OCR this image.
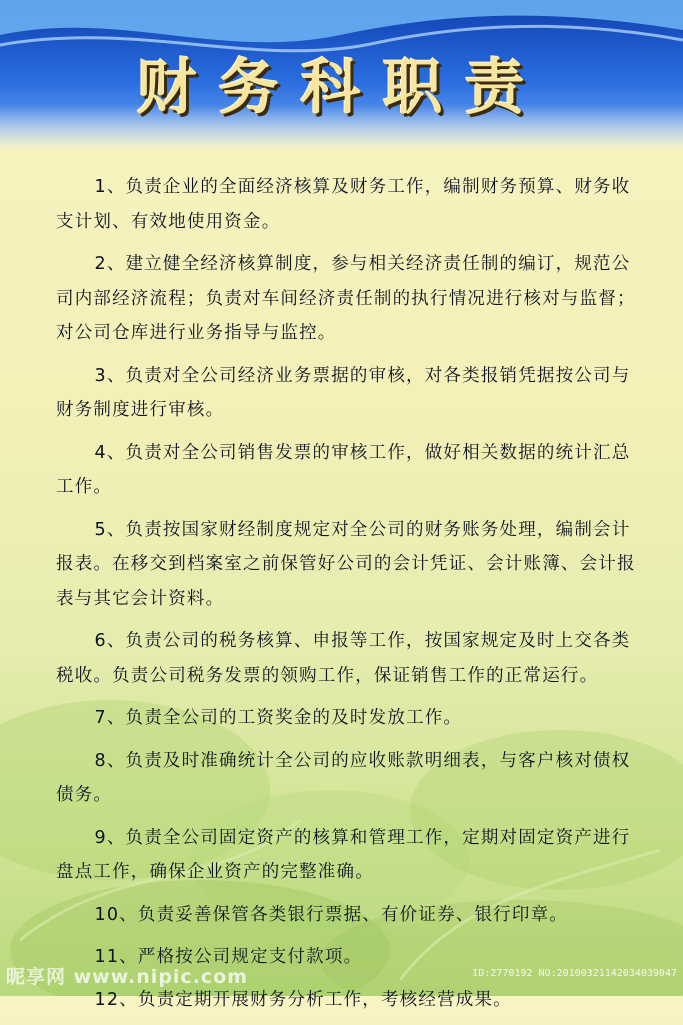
财务科职责

1、负责企业的全面经济核算及财务工作，编制财务预算、财务收支计划、有效地使用资金。

2、建立健全经济核算制度，参与相关经济责任制的编订，规范公司内部经济流程；负责对车间经济责任制的执行情况进行核对与监督；对公司仓库进行业务指导与监控。

3、负责对全公司经济业务票据的审核，对各类报销凭据按公司与财务制度进行审核。

4、负责对全公司销售发票的审核工作，做好相关数据的统计汇总工作。

5、负责按国家财经制度规定对全公司的财务账务处理，编制会计报表。在移交到档案室之前保管好公司的会计凭证、会计账簿、会计报表与其它会计资料。

6、负责公司的税务核算、申报等工作，按国家规定及时上交各类税收。负责公司税务发票的领购工作，保证销售工作的正常运行。

7、负责全公司的工资奖金的及时发放工作。

8、负责及时准确统计全公司的应收账款明细表，与客户核对债权债务。

9、负责全公司固定资产的核算和管理工作，定期对固定资产进行盘点工作，确保企业资产的完整准确。

10、负责妥善保管各类银行票据、有价证券、银行印章。

11、严格按公司规定支付款项。

12、负责定期开展财务分析工作，考核经营成果。

昵享网 www.nipic.com	ID:2770192 NO:20100321142034039047
